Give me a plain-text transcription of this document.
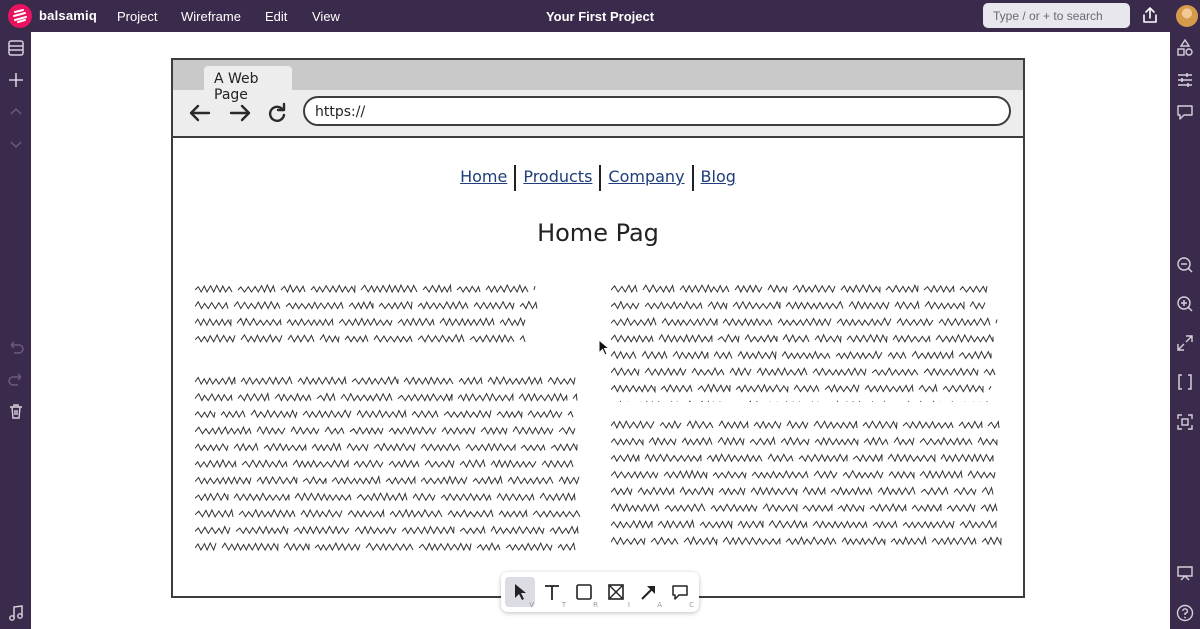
balsamiq Project Wireframe Edit View	Your First Project
Type / or + to search
A Web Page
https://
Home Products Company Blog
Home Pag
V	T	R	I	A	C
